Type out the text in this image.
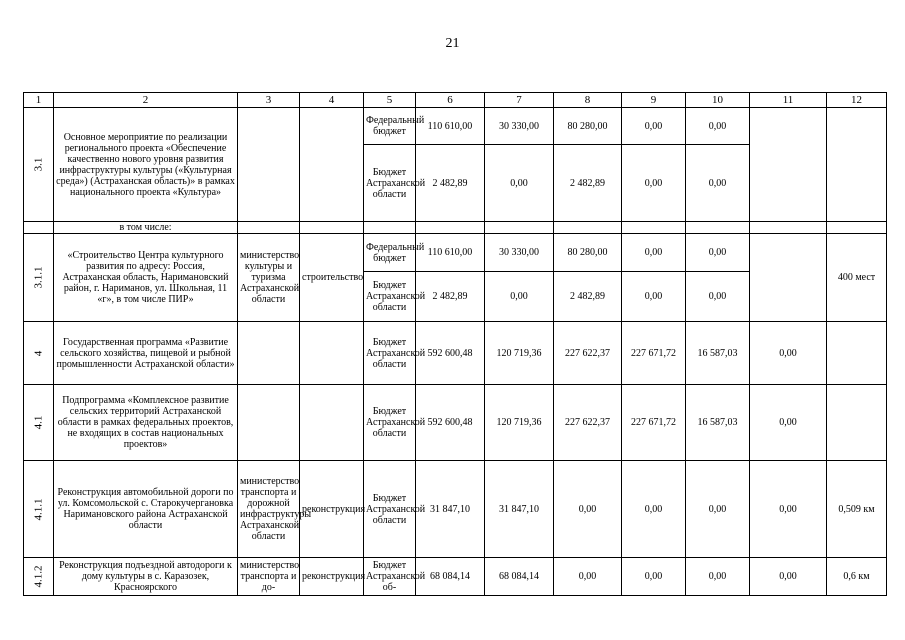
21
1	2	3	4	5	6	7	8	9	10	11	12
3.1	Основное мероприятие по реализации регионального проекта «Обеспечение качественно нового уровня развития инфраструктуры культуры («Культурная среда») (Астраханская область)» в рамках национального проекта «Культура»			Федеральный бюджет	110 610,00	30 330,00	80 280,00	0,00	0,00		
				Бюджет Астраханской области	2 482,89	0,00	2 482,89	0,00	0,00		
	в том числе:										
3.1.1	«Строительство Центра культурного развития по адресу: Россия, Астраханская область, Наримановский район, г. Нариманов, ул. Школьная, 11 «г», в том числе ПИР»	министерство культуры и туризма Астраханской области	строительство	Федеральный бюджет	110 610,00	30 330,00	80 280,00	0,00	0,00		400 мест
				Бюджет Астраханской области	2 482,89	0,00	2 482,89	0,00	0,00		
4	Государственная программа «Развитие сельского хозяйства, пищевой и рыбной промышленности Астраханской области»			Бюджет Астраханской области	592 600,48	120 719,36	227 622,37	227 671,72	16 587,03	0,00	
4.1	Подпрограмма «Комплексное развитие сельских территорий Астраханской области в рамках федеральных проектов, не входящих в состав национальных проектов»			Бюджет Астраханской области	592 600,48	120 719,36	227 622,37	227 671,72	16 587,03	0,00	
4.1.1	Реконструкция автомобильной дороги по ул. Комсомольской с. Старокучергановка Наримановского района Астраханской области	министерство транспорта и дорожной инфраструктуры Астраханской области	реконструкция	Бюджет Астраханской области	31 847,10	31 847,10	0,00	0,00	0,00	0,00	0,509 км
4.1.2	Реконструкция подъездной автодороги к дому культуры в с. Каразозек, Красноярского	министерство транспорта и до-	реконструкция	Бюджет Астраханской об-	68 084,14	68 084,14	0,00	0,00	0,00	0,00	0,6 км
